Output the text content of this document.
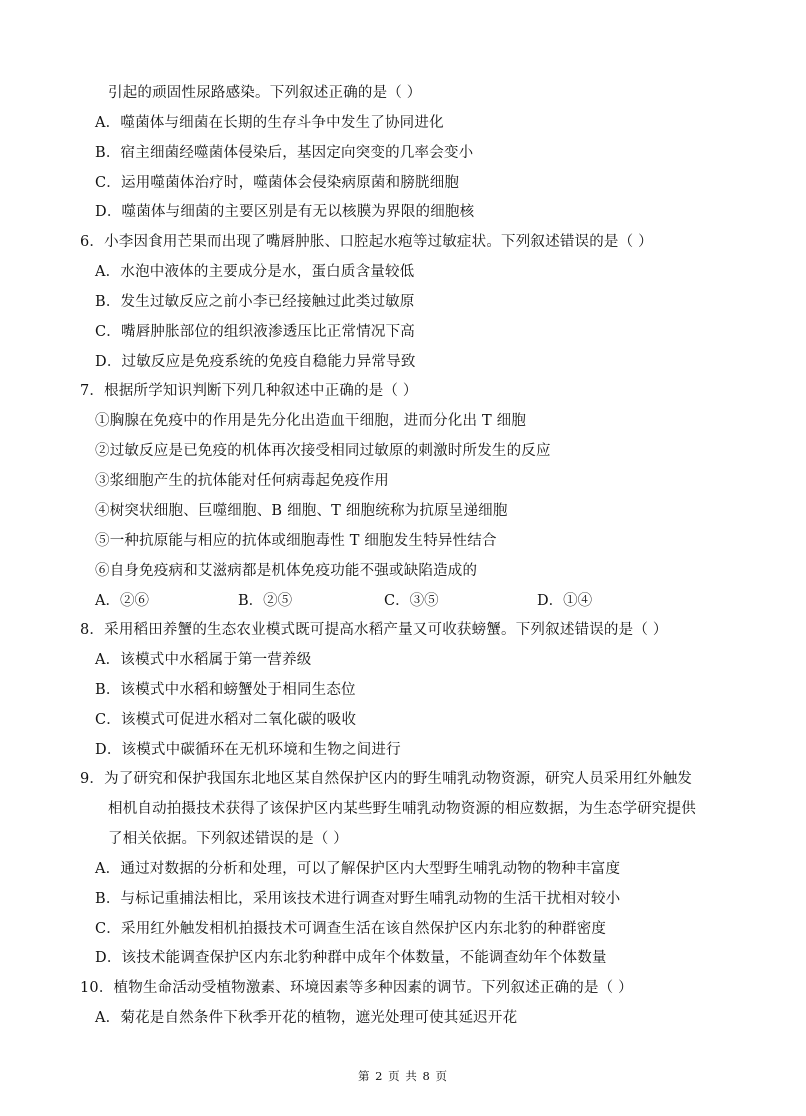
引起的顽固性尿路感染。下列叙述正确的是（ ）
A．噬菌体与细菌在长期的生存斗争中发生了协同进化
B．宿主细菌经噬菌体侵染后，基因定向突变的几率会变小
C．运用噬菌体治疗时，噬菌体会侵染病原菌和膀胱细胞
D．噬菌体与细菌的主要区别是有无以核膜为界限的细胞核
6．小李因食用芒果而出现了嘴唇肿胀、口腔起水疱等过敏症状。下列叙述错误的是（ ）
A．水泡中液体的主要成分是水，蛋白质含量较低
B．发生过敏反应之前小李已经接触过此类过敏原
C．嘴唇肿胀部位的组织液渗透压比正常情况下高
D．过敏反应是免疫系统的免疫自稳能力异常导致
7．根据所学知识判断下列几种叙述中正确的是（ ）
①胸腺在免疫中的作用是先分化出造血干细胞，进而分化出 T 细胞
②过敏反应是已免疫的机体再次接受相同过敏原的刺激时所发生的反应
③浆细胞产生的抗体能对任何病毒起免疫作用
④树突状细胞、巨噬细胞、B 细胞、T 细胞统称为抗原呈递细胞
⑤一种抗原能与相应的抗体或细胞毒性 T 细胞发生特异性结合
⑥自身免疫病和艾滋病都是机体免疫功能不强或缺陷造成的
A．②⑥	B．②⑤	C．③⑤	D．①④
8．采用稻田养蟹的生态农业模式既可提高水稻产量又可收获螃蟹。下列叙述错误的是（ ）
A．该模式中水稻属于第一营养级
B．该模式中水稻和螃蟹处于相同生态位
C．该模式可促进水稻对二氧化碳的吸收
D．该模式中碳循环在无机环境和生物之间进行
9．为了研究和保护我国东北地区某自然保护区内的野生哺乳动物资源，研究人员采用红外触发
相机自动拍摄技术获得了该保护区内某些野生哺乳动物资源的相应数据，为生态学研究提供
了相关依据。下列叙述错误的是（ ）
A．通过对数据的分析和处理，可以了解保护区内大型野生哺乳动物的物种丰富度
B．与标记重捕法相比，采用该技术进行调查对野生哺乳动物的生活干扰相对较小
C．采用红外触发相机拍摄技术可调查生活在该自然保护区内东北豹的种群密度
D．该技术能调查保护区内东北豹种群中成年个体数量，不能调查幼年个体数量
10．植物生命活动受植物激素、环境因素等多种因素的调节。下列叙述正确的是（ ）
A．菊花是自然条件下秋季开花的植物，遮光处理可使其延迟开花
第 2 页 共 8 页
